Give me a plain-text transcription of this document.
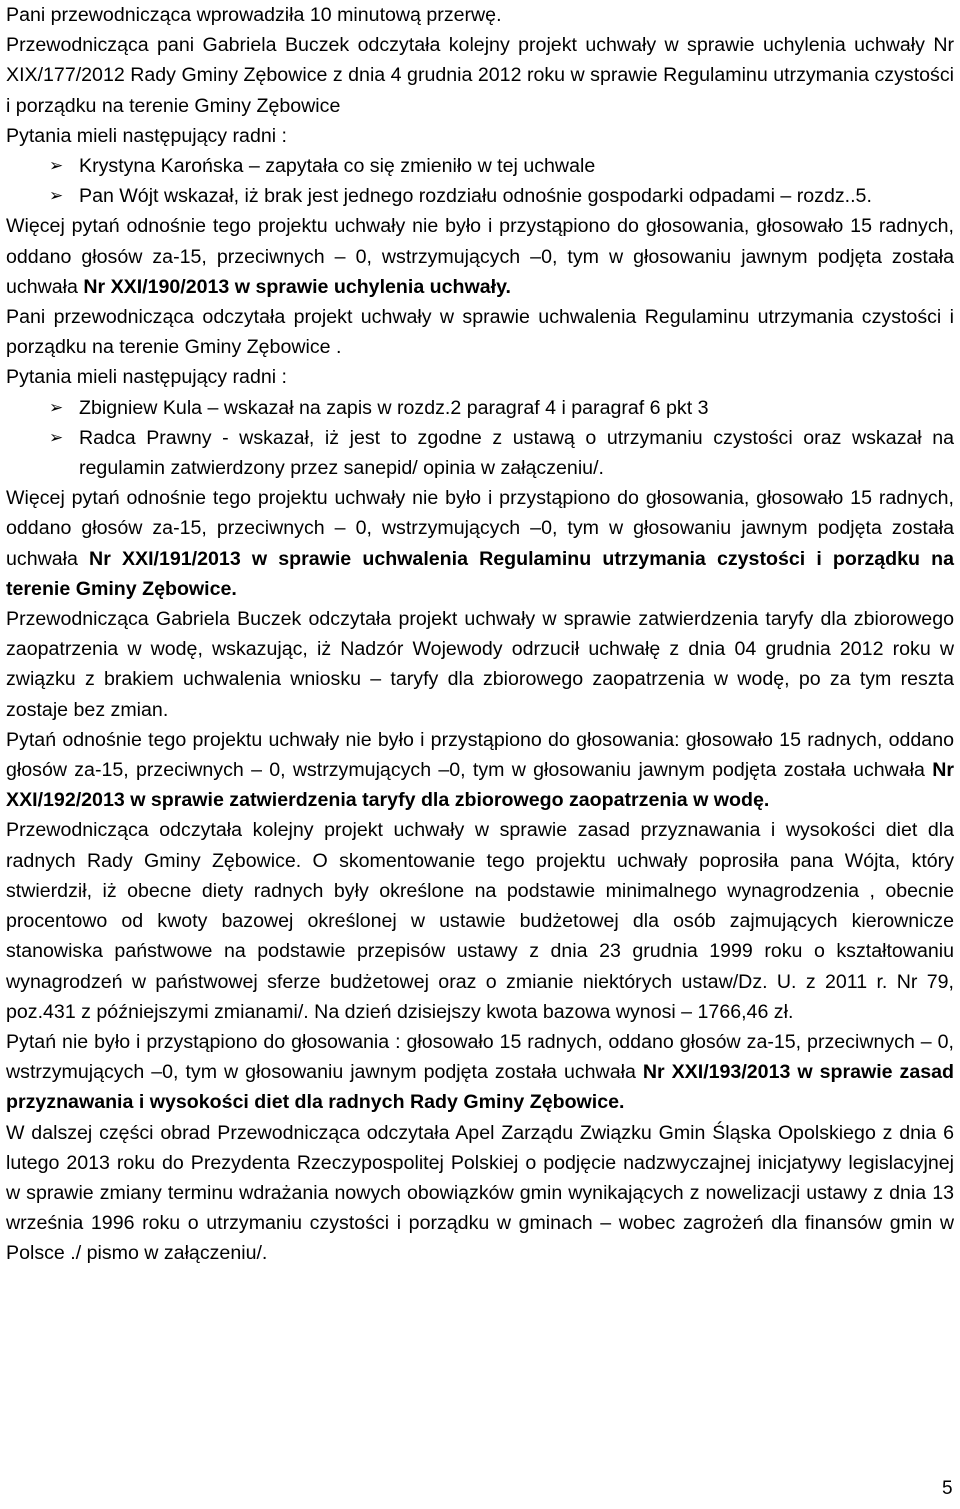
Pani przewodnicząca wprowadziła 10 minutową przerwę.

Przewodnicząca pani Gabriela Buczek odczytała kolejny projekt uchwały w sprawie uchylenia uchwały Nr XIX/177/2012 Rady Gminy Zębowice z dnia 4 grudnia 2012 roku w sprawie Regulaminu utrzymania czystości i porządku na terenie Gminy Zębowice

Pytania mieli następujący radni :

➢ Krystyna Karońska – zapytała co się zmieniło w tej uchwale
➢ Pan Wójt wskazał, iż brak jest jednego rozdziału odnośnie gospodarki odpadami – rozdz..5.

Więcej pytań odnośnie tego projektu uchwały nie było i przystąpiono do głosowania, głosowało 15 radnych, oddano głosów za-15, przeciwnych – 0, wstrzymujących –0, tym w głosowaniu jawnym podjęta została uchwała Nr XXI/190/2013 w sprawie uchylenia uchwały.

Pani przewodnicząca odczytała projekt uchwały w sprawie uchwalenia Regulaminu utrzymania czystości i porządku na terenie Gminy Zębowice .

Pytania mieli następujący radni :

➢ Zbigniew Kula – wskazał na zapis w rozdz.2 paragraf 4 i paragraf 6 pkt 3
➢ Radca Prawny - wskazał, iż jest to zgodne z ustawą o utrzymaniu czystości oraz wskazał na regulamin zatwierdzony przez sanepid/ opinia w załączeniu/.

Więcej pytań odnośnie tego projektu uchwały nie było i przystąpiono do głosowania, głosowało 15 radnych, oddano głosów za-15, przeciwnych – 0, wstrzymujących –0, tym w głosowaniu jawnym podjęta została uchwała Nr XXI/191/2013 w sprawie uchwalenia Regulaminu utrzymania czystości i porządku na terenie Gminy Zębowice.

Przewodnicząca Gabriela Buczek odczytała projekt uchwały w sprawie zatwierdzenia taryfy dla zbiorowego zaopatrzenia w wodę, wskazując, iż Nadzór Wojewody odrzucił uchwałę z dnia 04 grudnia 2012 roku w związku z brakiem uchwalenia wniosku – taryfy dla zbiorowego zaopatrzenia w wodę, po za tym reszta zostaje bez zmian.

Pytań odnośnie tego projektu uchwały nie było i przystąpiono do głosowania: głosowało 15 radnych, oddano głosów za-15, przeciwnych – 0, wstrzymujących –0, tym w głosowaniu jawnym podjęta została uchwała Nr XXI/192/2013 w sprawie zatwierdzenia taryfy dla zbiorowego zaopatrzenia w wodę.

Przewodnicząca odczytała kolejny projekt uchwały w sprawie zasad przyznawania i wysokości diet dla radnych Rady Gminy Zębowice. O skomentowanie tego projektu uchwały poprosiła pana Wójta, który stwierdził, iż obecne diety radnych były określone na podstawie minimalnego wynagrodzenia , obecnie procentowo od kwoty bazowej określonej w ustawie budżetowej dla osób zajmujących kierownicze stanowiska państwowe na podstawie przepisów ustawy z dnia 23 grudnia 1999 roku o kształtowaniu wynagrodzeń w państwowej sferze budżetowej oraz o zmianie niektórych ustaw/Dz. U. z 2011 r. Nr 79, poz.431 z późniejszymi zmianami/. Na dzień dzisiejszy kwota bazowa wynosi – 1766,46 zł.

Pytań nie było i przystąpiono do głosowania : głosowało 15 radnych, oddano głosów za-15, przeciwnych – 0, wstrzymujących –0, tym w głosowaniu jawnym podjęta została uchwała Nr XXI/193/2013 w sprawie zasad przyznawania i wysokości diet dla radnych Rady Gminy Zębowice.

W dalszej części obrad Przewodnicząca odczytała Apel Zarządu Związku Gmin Śląska Opolskiego z dnia 6 lutego 2013 roku do Prezydenta Rzeczypospolitej Polskiej o podjęcie nadzwyczajnej inicjatywy legislacyjnej w sprawie zmiany terminu wdrażania nowych obowiązków gmin wynikających z nowelizacji ustawy z dnia 13 września 1996 roku o utrzymaniu czystości i porządku w gminach – wobec zagrożeń dla finansów gmin w Polsce ./ pismo w załączeniu/.

5
